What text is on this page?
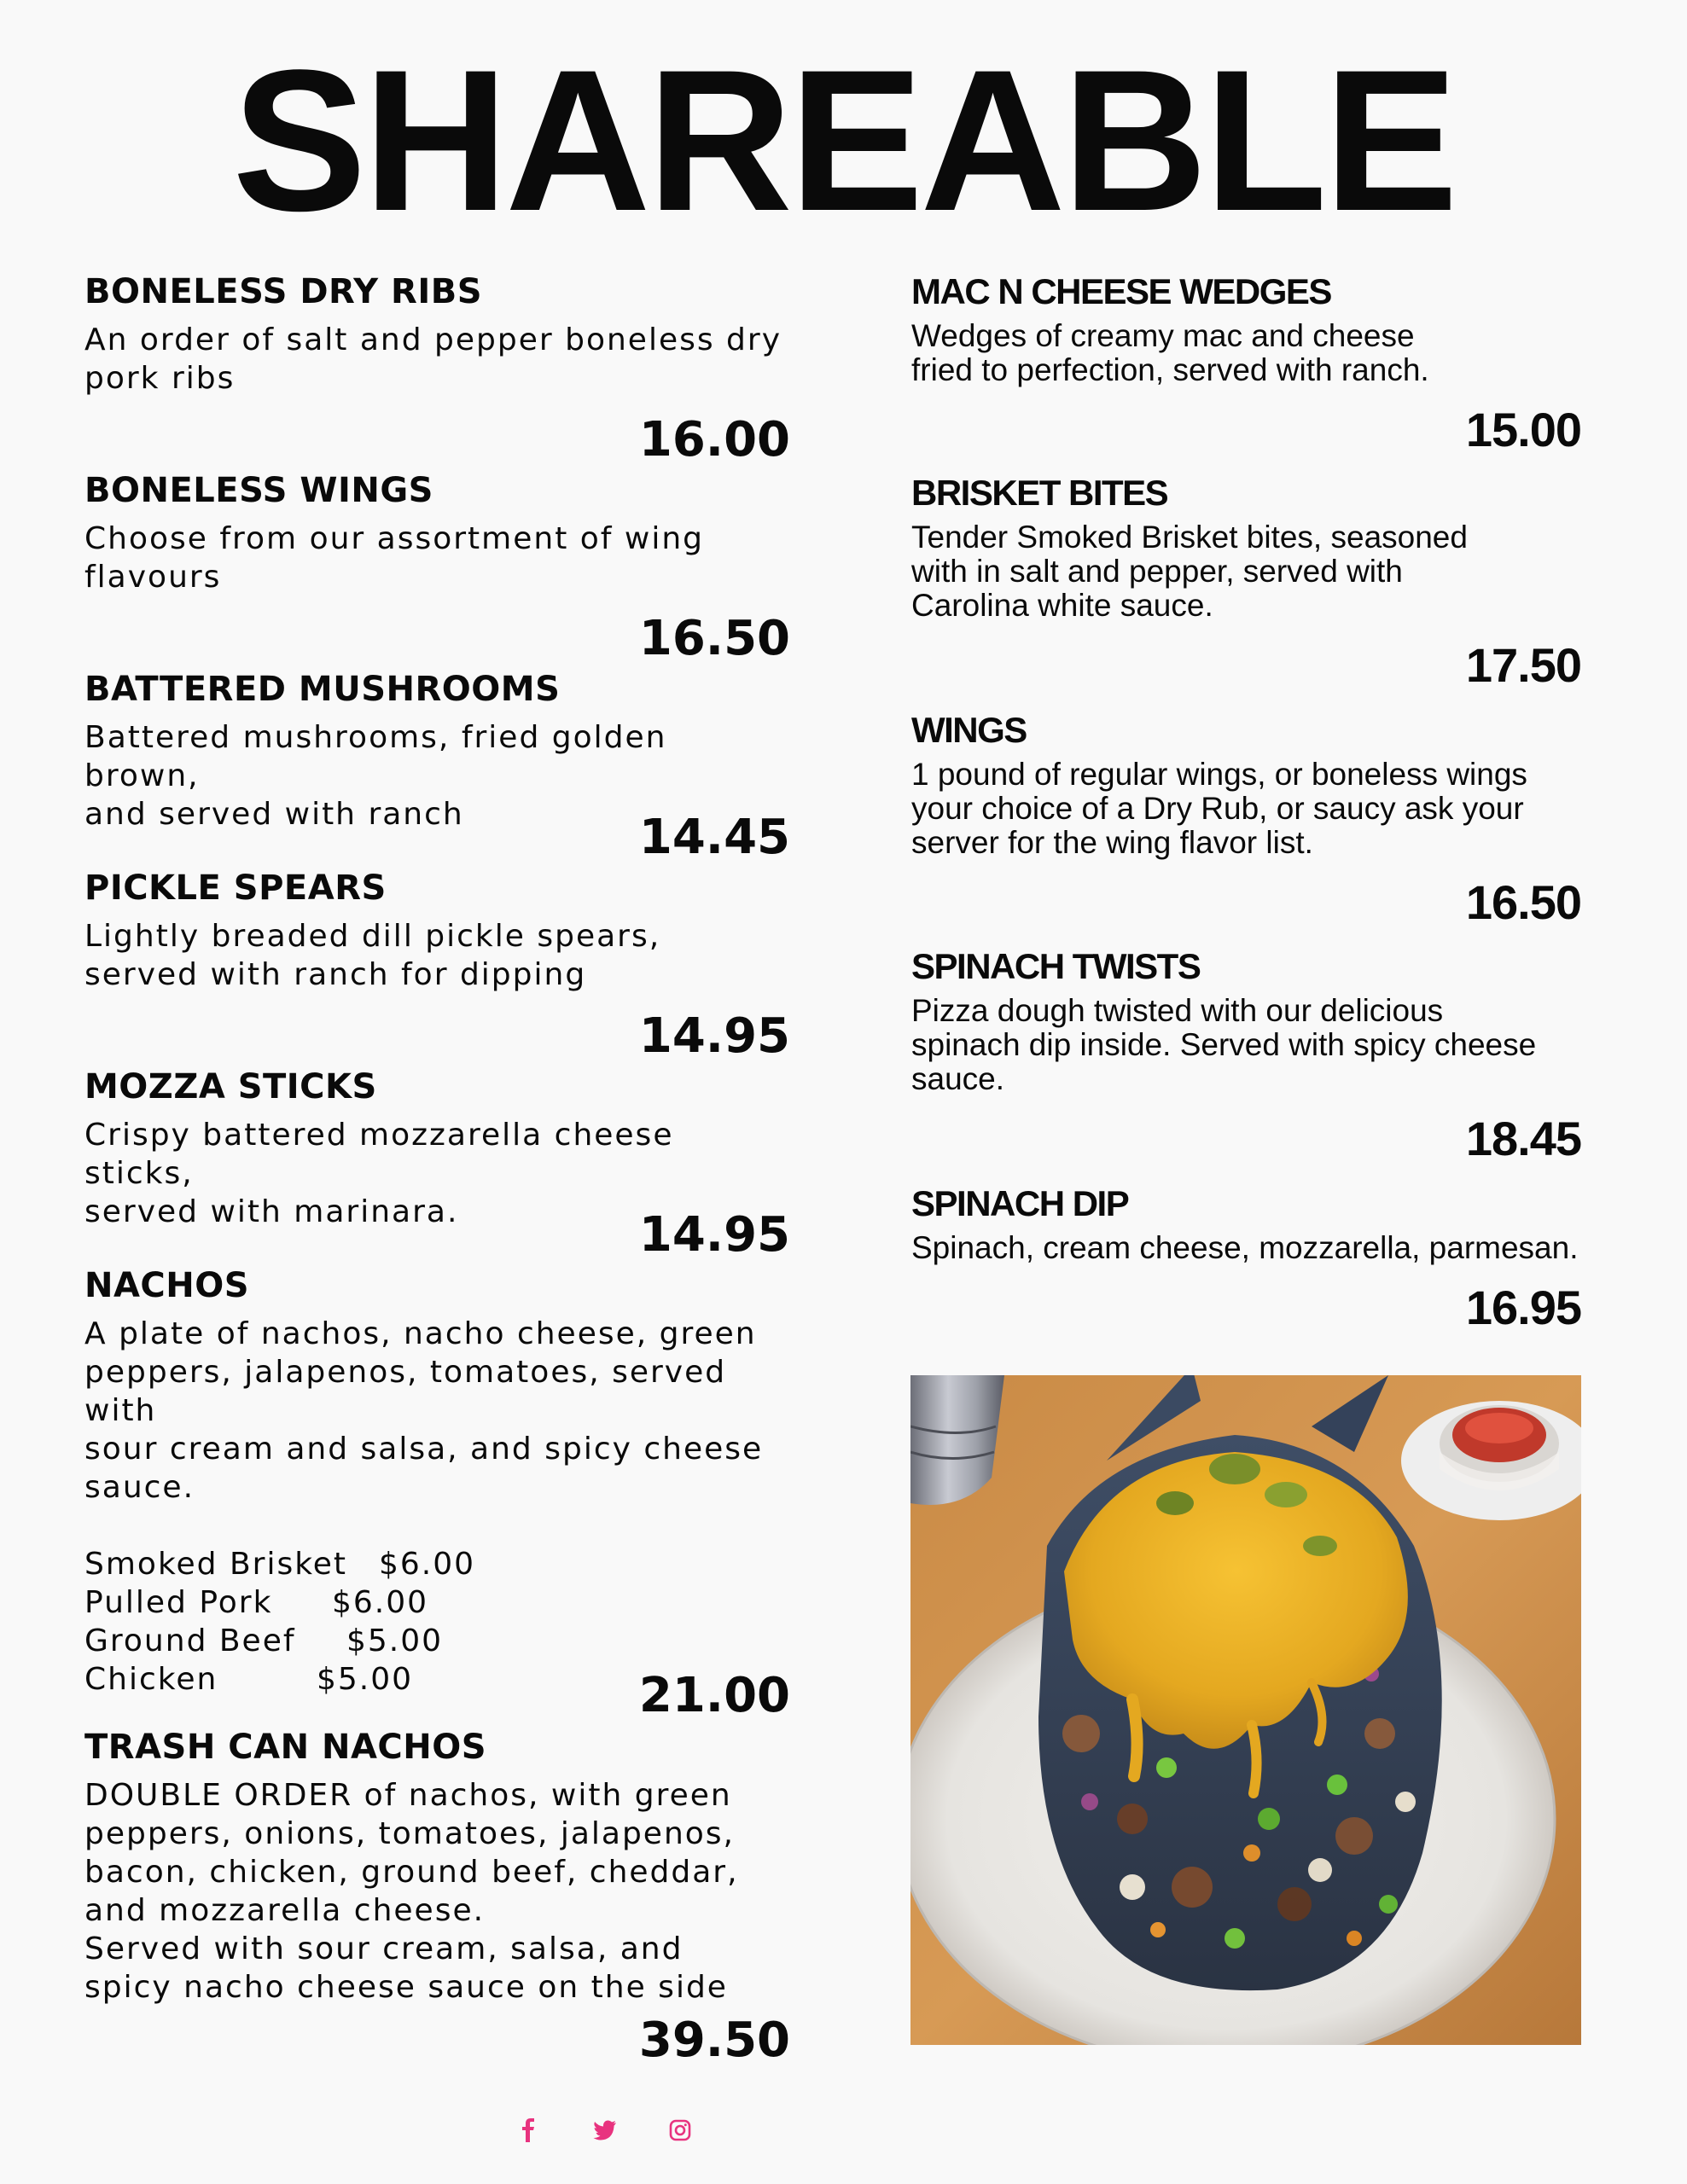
SHAREABLE
BONELESS DRY RIBS
An order of salt and pepper boneless dry
pork ribs
16.00
BONELESS WINGS
Choose from our assortment of wing
flavours
16.50
BATTERED MUSHROOMS
Battered mushrooms, fried golden brown,
and served with ranch	14.45
PICKLE SPEARS
Lightly breaded dill pickle spears,
served with ranch for dipping
14.95
MOZZA STICKS
Crispy battered mozzarella cheese sticks,
served with marinara.	14.95
NACHOS
A plate of nachos, nacho cheese, green
peppers, jalapenos, tomatoes, served with
sour cream and salsa, and spicy cheese
sauce.
Smoked Brisket	$6.00
Pulled Pork	$6.00
Ground Beef	$5.00
Chicken	$5.00	21.00
TRASH CAN NACHOS
DOUBLE ORDER of nachos, with green
peppers, onions, tomatoes, jalapenos,
bacon, chicken, ground beef, cheddar,
and mozzarella cheese.
Served with sour cream, salsa, and
spicy nacho cheese sauce on the side
39.50
MAC N CHEESE WEDGES
Wedges of creamy mac and cheese
fried to perfection, served with ranch.
15.00
BRISKET BITES
Tender Smoked Brisket bites, seasoned
with in salt and pepper, served with
Carolina white sauce.
17.50
WINGS
1 pound of regular wings, or boneless wings
your choice of a Dry Rub, or saucy ask your
server for the wing flavor list.
16.50
SPINACH TWISTS
Pizza dough twisted with our delicious
spinach dip inside. Served with spicy cheese
sauce.
18.45
SPINACH DIP
Spinach, cream cheese, mozzarella, parmesan.
16.95
